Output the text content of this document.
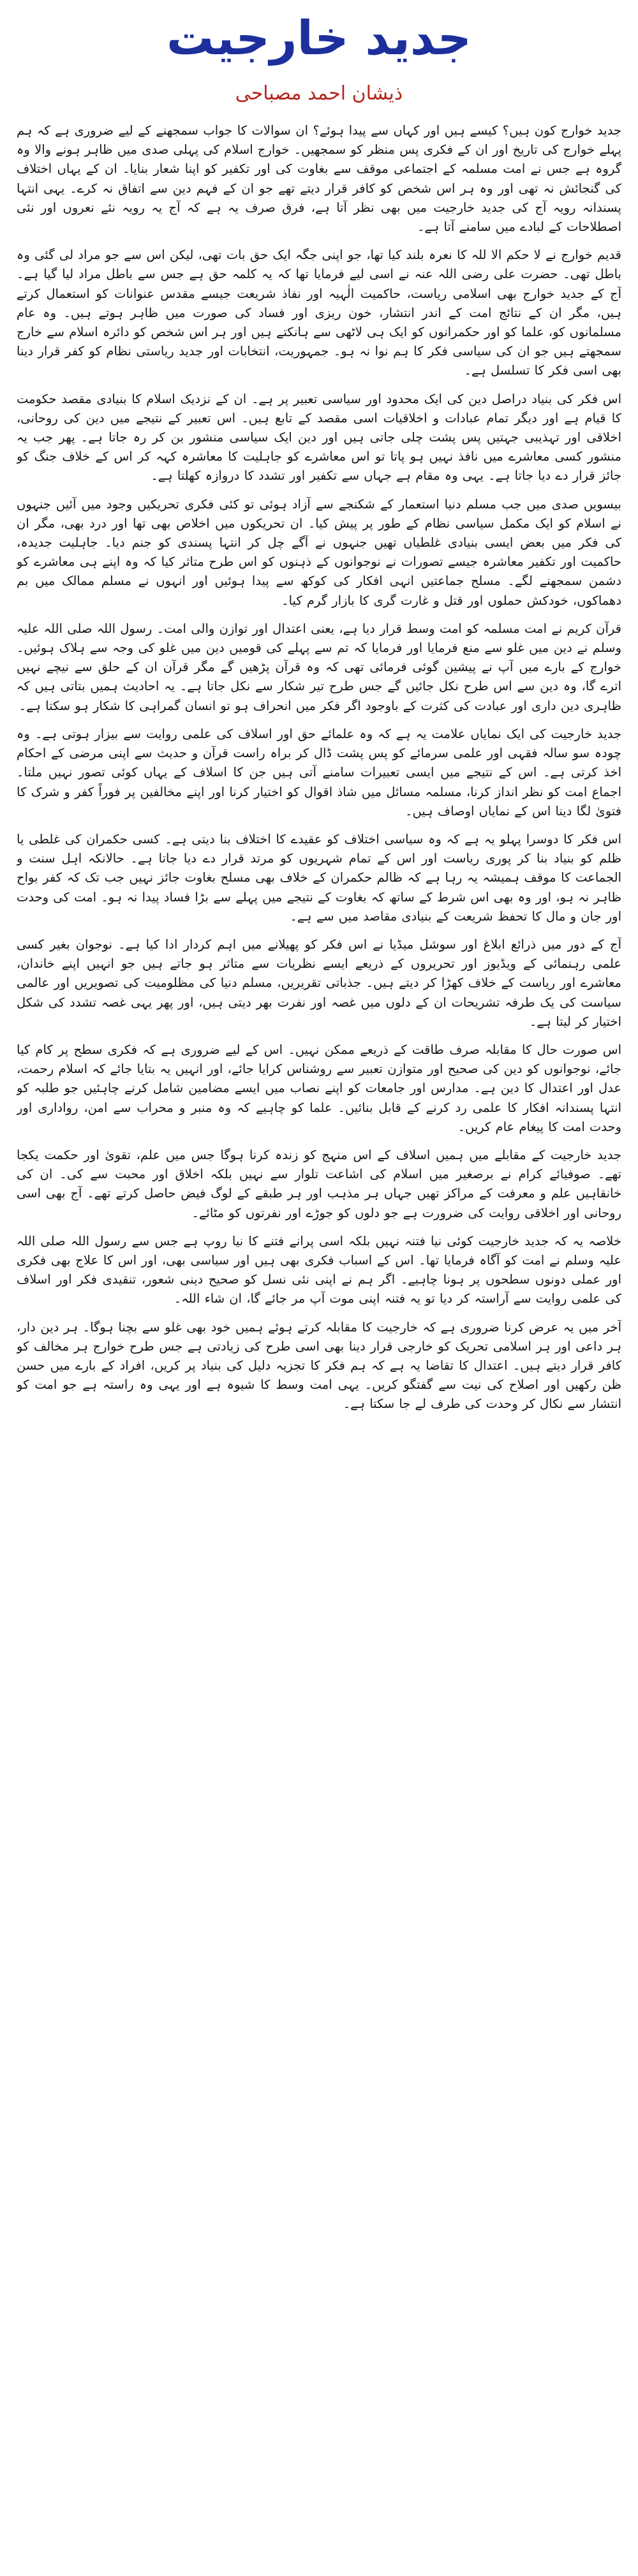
جدید خارجیت
ذیشان احمد مصباحی

جدید خوارج کون ہیں؟ کیسے ہیں اور کہاں سے پیدا ہوئے؟ ان سوالات کا جواب سمجھنے کے لیے ضروری ہے کہ ہم پہلے خوارج کی تاریخ اور ان کے فکری پس منظر کو سمجھیں۔ خوارج اسلام کی پہلی صدی میں ظاہر ہونے والا وہ گروہ ہے جس نے امت مسلمہ کے اجتماعی موقف سے بغاوت کی اور تکفیر کو اپنا شعار بنایا۔ ان کے یہاں اختلاف کی گنجائش نہ تھی اور وہ ہر اس شخص کو کافر قرار دیتے تھے جو ان کے فہم دین سے اتفاق نہ کرے۔ یہی انتہا پسندانہ رویہ آج کی جدید خارجیت میں بھی نظر آتا ہے، فرق صرف یہ ہے کہ آج یہ رویہ نئے نعروں اور نئی اصطلاحات کے لبادے میں سامنے آتا ہے۔

قدیم خوارج نے لا حکم الا للہ کا نعرہ بلند کیا تھا، جو اپنی جگہ ایک حق بات تھی، لیکن اس سے جو مراد لی گئی وہ باطل تھی۔ حضرت علی رضی اللہ عنہ نے اسی لیے فرمایا تھا کہ یہ کلمہ حق ہے جس سے باطل مراد لیا گیا ہے۔ آج کے جدید خوارج بھی اسلامی ریاست، حاکمیت الٰہیہ اور نفاذ شریعت جیسے مقدس عنوانات کو استعمال کرتے ہیں، مگر ان کے نتائج امت کے اندر انتشار، خون ریزی اور فساد کی صورت میں ظاہر ہوتے ہیں۔ وہ عام مسلمانوں کو، علما کو اور حکمرانوں کو ایک ہی لاٹھی سے ہانکتے ہیں اور ہر اس شخص کو دائرہ اسلام سے خارج سمجھتے ہیں جو ان کی سیاسی فکر کا ہم نوا نہ ہو۔ جمہوریت، انتخابات اور جدید ریاستی نظام کو کفر قرار دینا بھی اسی فکر کا تسلسل ہے۔

اس فکر کی بنیاد دراصل دین کی ایک محدود اور سیاسی تعبیر پر ہے۔ ان کے نزدیک اسلام کا بنیادی مقصد حکومت کا قیام ہے اور دیگر تمام عبادات و اخلاقیات اسی مقصد کے تابع ہیں۔ اس تعبیر کے نتیجے میں دین کی روحانی، اخلاقی اور تہذیبی جہتیں پس پشت چلی جاتی ہیں اور دین ایک سیاسی منشور بن کر رہ جاتا ہے۔ پھر جب یہ منشور کسی معاشرے میں نافذ نہیں ہو پاتا تو اس معاشرے کو جاہلیت کا معاشرہ کہہ کر اس کے خلاف جنگ کو جائز قرار دے دیا جاتا ہے۔ یہی وہ مقام ہے جہاں سے تکفیر اور تشدد کا دروازہ کھلتا ہے۔

بیسویں صدی میں جب مسلم دنیا استعمار کے شکنجے سے آزاد ہوئی تو کئی فکری تحریکیں وجود میں آئیں جنہوں نے اسلام کو ایک مکمل سیاسی نظام کے طور پر پیش کیا۔ ان تحریکوں میں اخلاص بھی تھا اور درد بھی، مگر ان کی فکر میں بعض ایسی بنیادی غلطیاں تھیں جنہوں نے آگے چل کر انتہا پسندی کو جنم دیا۔ جاہلیت جدیدہ، حاکمیت اور تکفیر معاشرہ جیسے تصورات نے نوجوانوں کے ذہنوں کو اس طرح متاثر کیا کہ وہ اپنے ہی معاشرے کو دشمن سمجھنے لگے۔ مسلح جماعتیں انہی افکار کی کوکھ سے پیدا ہوئیں اور انہوں نے مسلم ممالک میں بم دھماکوں، خودکش حملوں اور قتل و غارت گری کا بازار گرم کیا۔

قرآن کریم نے امت مسلمہ کو امت وسط قرار دیا ہے، یعنی اعتدال اور توازن والی امت۔ رسول اللہ صلی اللہ علیہ وسلم نے دین میں غلو سے منع فرمایا اور فرمایا کہ تم سے پہلے کی قومیں دین میں غلو کی وجہ سے ہلاک ہوئیں۔ خوارج کے بارے میں آپ نے پیشین گوئی فرمائی تھی کہ وہ قرآن پڑھیں گے مگر قرآن ان کے حلق سے نیچے نہیں اترے گا، وہ دین سے اس طرح نکل جائیں گے جس طرح تیر شکار سے نکل جاتا ہے۔ یہ احادیث ہمیں بتاتی ہیں کہ ظاہری دین داری اور عبادت کی کثرت کے باوجود اگر فکر میں انحراف ہو تو انسان گمراہی کا شکار ہو سکتا ہے۔

جدید خارجیت کی ایک نمایاں علامت یہ ہے کہ وہ علمائے حق اور اسلاف کی علمی روایت سے بیزار ہوتی ہے۔ وہ چودہ سو سالہ فقہی اور علمی سرمائے کو پس پشت ڈال کر براہ راست قرآن و حدیث سے اپنی مرضی کے احکام اخذ کرتی ہے۔ اس کے نتیجے میں ایسی تعبیرات سامنے آتی ہیں جن کا اسلاف کے یہاں کوئی تصور نہیں ملتا۔ اجماع امت کو نظر انداز کرنا، مسلمہ مسائل میں شاذ اقوال کو اختیار کرنا اور اپنے مخالفین پر فوراً کفر و شرک کا فتویٰ لگا دینا اس کے نمایاں اوصاف ہیں۔

اس فکر کا دوسرا پہلو یہ ہے کہ وہ سیاسی اختلاف کو عقیدے کا اختلاف بنا دیتی ہے۔ کسی حکمران کی غلطی یا ظلم کو بنیاد بنا کر پوری ریاست اور اس کے تمام شہریوں کو مرتد قرار دے دیا جاتا ہے۔ حالانکہ اہل سنت و الجماعت کا موقف ہمیشہ یہ رہا ہے کہ ظالم حکمران کے خلاف بھی مسلح بغاوت جائز نہیں جب تک کہ کفر بواح ظاہر نہ ہو، اور وہ بھی اس شرط کے ساتھ کہ بغاوت کے نتیجے میں پہلے سے بڑا فساد پیدا نہ ہو۔ امت کی وحدت اور جان و مال کا تحفظ شریعت کے بنیادی مقاصد میں سے ہے۔

آج کے دور میں ذرائع ابلاغ اور سوشل میڈیا نے اس فکر کو پھیلانے میں اہم کردار ادا کیا ہے۔ نوجوان بغیر کسی علمی رہنمائی کے ویڈیوز اور تحریروں کے ذریعے ایسے نظریات سے متاثر ہو جاتے ہیں جو انہیں اپنے خاندان، معاشرے اور ریاست کے خلاف کھڑا کر دیتے ہیں۔ جذباتی تقریریں، مسلم دنیا کی مظلومیت کی تصویریں اور عالمی سیاست کی یک طرفہ تشریحات ان کے دلوں میں غصہ اور نفرت بھر دیتی ہیں، اور پھر یہی غصہ تشدد کی شکل اختیار کر لیتا ہے۔

اس صورت حال کا مقابلہ صرف طاقت کے ذریعے ممکن نہیں۔ اس کے لیے ضروری ہے کہ فکری سطح پر کام کیا جائے، نوجوانوں کو دین کی صحیح اور متوازن تعبیر سے روشناس کرایا جائے، اور انہیں یہ بتایا جائے کہ اسلام رحمت، عدل اور اعتدال کا دین ہے۔ مدارس اور جامعات کو اپنے نصاب میں ایسے مضامین شامل کرنے چاہئیں جو طلبہ کو انتہا پسندانہ افکار کا علمی رد کرنے کے قابل بنائیں۔ علما کو چاہیے کہ وہ منبر و محراب سے امن، رواداری اور وحدت امت کا پیغام عام کریں۔

جدید خارجیت کے مقابلے میں ہمیں اسلاف کے اس منہج کو زندہ کرنا ہوگا جس میں علم، تقویٰ اور حکمت یکجا تھے۔ صوفیائے کرام نے برصغیر میں اسلام کی اشاعت تلوار سے نہیں بلکہ اخلاق اور محبت سے کی۔ ان کی خانقاہیں علم و معرفت کے مراکز تھیں جہاں ہر مذہب اور ہر طبقے کے لوگ فیض حاصل کرتے تھے۔ آج بھی اسی روحانی اور اخلاقی روایت کی ضرورت ہے جو دلوں کو جوڑے اور نفرتوں کو مٹائے۔

خلاصہ یہ کہ جدید خارجیت کوئی نیا فتنہ نہیں بلکہ اسی پرانے فتنے کا نیا روپ ہے جس سے رسول اللہ صلی اللہ علیہ وسلم نے امت کو آگاہ فرمایا تھا۔ اس کے اسباب فکری بھی ہیں اور سیاسی بھی، اور اس کا علاج بھی فکری اور عملی دونوں سطحوں پر ہونا چاہیے۔ اگر ہم نے اپنی نئی نسل کو صحیح دینی شعور، تنقیدی فکر اور اسلاف کی علمی روایت سے آراستہ کر دیا تو یہ فتنہ اپنی موت آپ مر جائے گا، ان شاء اللہ۔

آخر میں یہ عرض کرنا ضروری ہے کہ خارجیت کا مقابلہ کرتے ہوئے ہمیں خود بھی غلو سے بچنا ہوگا۔ ہر دین دار، ہر داعی اور ہر اسلامی تحریک کو خارجی قرار دینا بھی اسی طرح کی زیادتی ہے جس طرح خوارج ہر مخالف کو کافر قرار دیتے ہیں۔ اعتدال کا تقاضا یہ ہے کہ ہم فکر کا تجزیہ دلیل کی بنیاد پر کریں، افراد کے بارے میں حسن ظن رکھیں اور اصلاح کی نیت سے گفتگو کریں۔ یہی امت وسط کا شیوہ ہے اور یہی وہ راستہ ہے جو امت کو انتشار سے نکال کر وحدت کی طرف لے جا سکتا ہے۔
